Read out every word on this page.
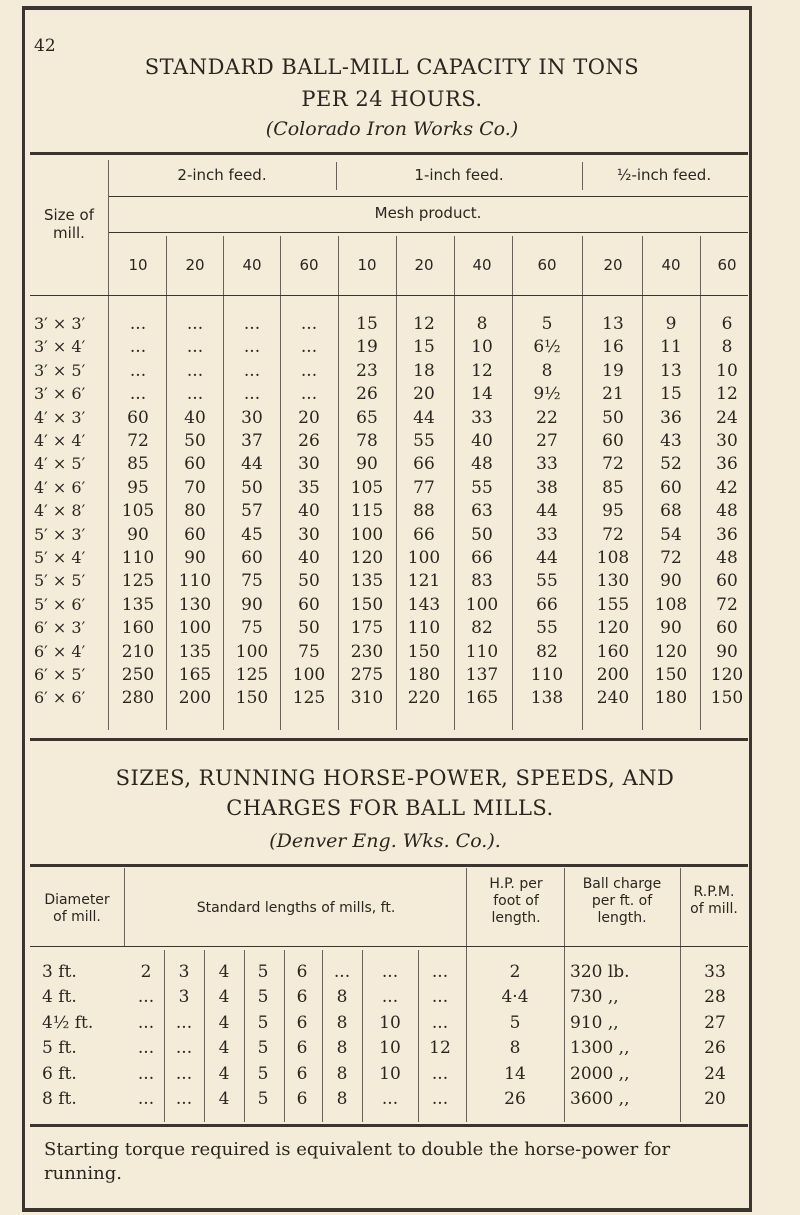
42
STANDARD BALL-MILL CAPACITY IN TONS
PER 24 HOURS.
(Colorado Iron Works Co.)
Size of
mill.
2-inch feed.	1-inch feed.	½-inch feed.
Mesh product.
10	20	40	60	10	20	40	60	20	40	60
3′ × 3′	...	...	...	...	15	12	8	5	13	9	6
3′ × 4′	...	...	...	...	19	15	10	6½	16	11	8
3′ × 5′	...	...	...	...	23	18	12	8	19	13	10
3′ × 6′	...	...	...	...	26	20	14	9½	21	15	12
4′ × 3′	60	40	30	20	65	44	33	22	50	36	24
4′ × 4′	72	50	37	26	78	55	40	27	60	43	30
4′ × 5′	85	60	44	30	90	66	48	33	72	52	36
4′ × 6′	95	70	50	35	105	77	55	38	85	60	42
4′ × 8′	105	80	57	40	115	88	63	44	95	68	48
5′ × 3′	90	60	45	30	100	66	50	33	72	54	36
5′ × 4′	110	90	60	40	120	100	66	44	108	72	48
5′ × 5′	125	110	75	50	135	121	83	55	130	90	60
5′ × 6′	135	130	90	60	150	143	100	66	155	108	72
6′ × 3′	160	100	75	50	175	110	82	55	120	90	60
6′ × 4′	210	135	100	75	230	150	110	82	160	120	90
6′ × 5′	250	165	125	100	275	180	137	110	200	150	120
6′ × 6′	280	200	150	125	310	220	165	138	240	180	150
SIZES, RUNNING HORSE-POWER, SPEEDS, AND
CHARGES FOR BALL MILLS.
(Denver Eng. Wks. Co.).
Diameter
of mill.
Standard lengths of mills, ft.
H.P. per
foot of
length.
Ball charge
per ft. of
length.
R.P.M.
of mill.
3 ft.	2	3	4	5	6	...	...	...	2	320 lb.	33
4 ft.	...	3	4	5	6	8	...	...	4·4	730 ,,	28
4½ ft.	...	...	4	5	6	8	10	...	5	910 ,,	27
5 ft.	...	...	4	5	6	8	10	12	8	1300 ,,	26
6 ft.	...	...	4	5	6	8	10	...	14	2000 ,,	24
8 ft.	...	...	4	5	6	8	...	...	26	3600 ,,	20
Starting torque required is equivalent to double the horse-power for running.
